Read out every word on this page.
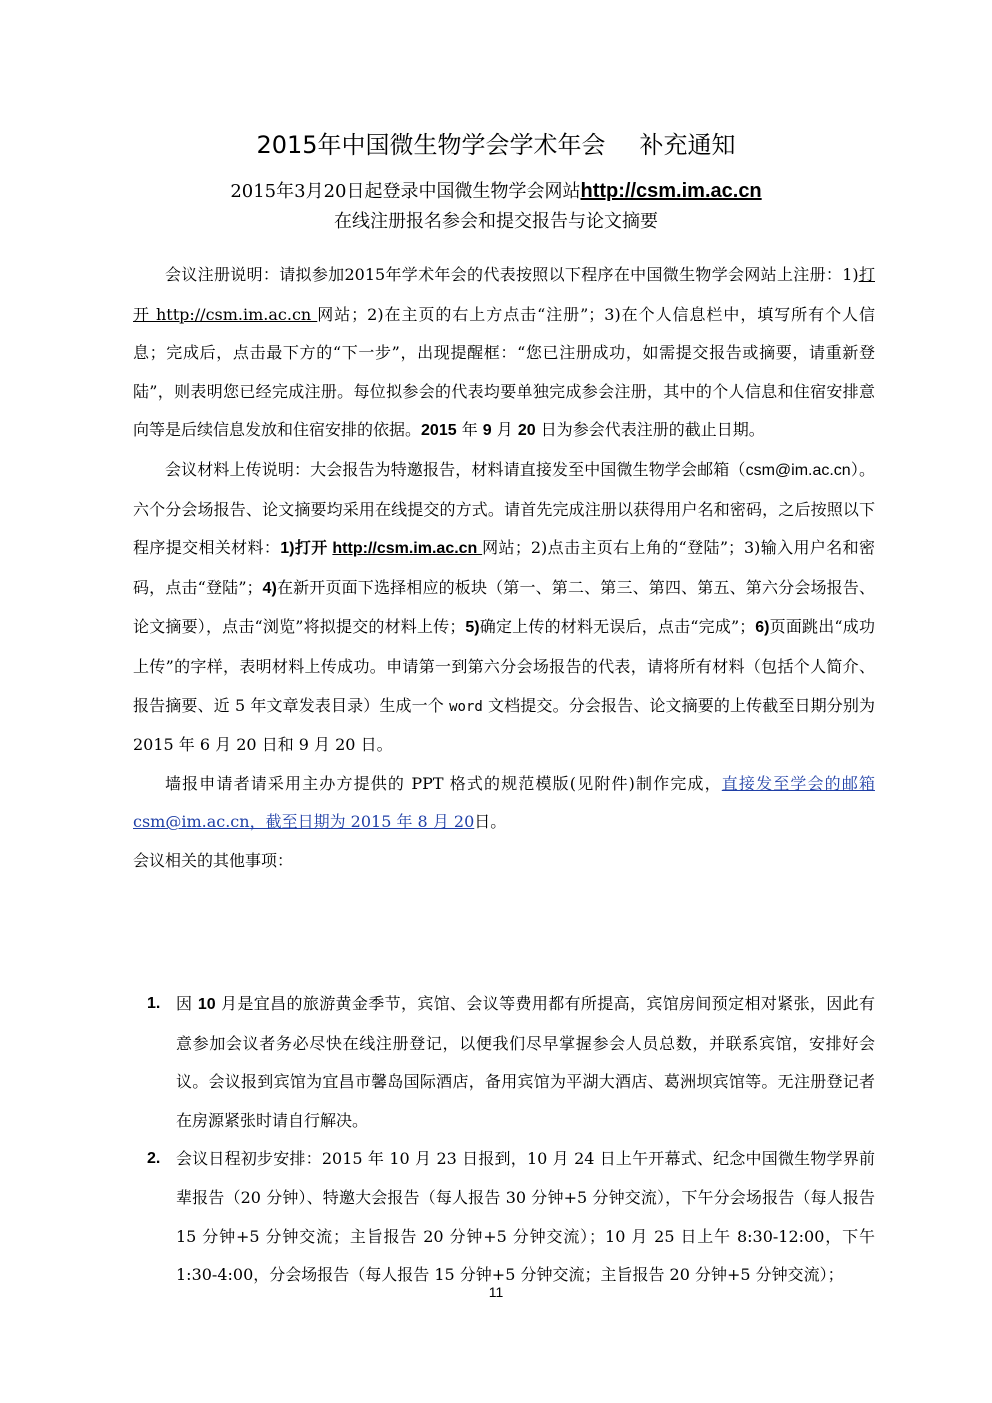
2015年中国微生物学会学术年会 补充通知
2015年3月20日起登录中国微生物学会网站http://csm.im.ac.cn
在线注册报名参会和提交报告与论文摘要

会议注册说明：请拟参加2015年学术年会的代表按照以下程序在中国微生物学会网站上注册：1)打开 http://csm.im.ac.cn 网站；2)在主页的右上方点击“注册”；3)在个人信息栏中，填写所有个人信息；完成后，点击最下方的“下一步”，出现提醒框：“您已注册成功，如需提交报告或摘要，请重新登陆”，则表明您已经完成注册。每位拟参会的代表均要单独完成参会注册，其中的个人信息和住宿安排意向等是后续信息发放和住宿安排的依据。2015 年 9 月 20 日为参会代表注册的截止日期。

会议材料上传说明：大会报告为特邀报告，材料请直接发至中国微生物学会邮箱（csm@im.ac.cn）。六个分会场报告、论文摘要均采用在线提交的方式。请首先完成注册以获得用户名和密码，之后按照以下程序提交相关材料：1)打开 http://csm.im.ac.cn 网站；2)点击主页右上角的“登陆”；3)输入用户名和密码，点击“登陆”；4)在新开页面下选择相应的板块（第一、第二、第三、第四、第五、第六分会场报告、论文摘要），点击“浏览”将拟提交的材料上传；5)确定上传的材料无误后，点击“完成”；6)页面跳出“成功上传”的字样，表明材料上传成功。申请第一到第六分会场报告的代表，请将所有材料（包括个人简介、报告摘要、近 5 年文章发表目录）生成一个 word 文档提交。分会报告、论文摘要的上传截至日期分别为 2015 年 6 月 20 日和 9 月 20 日。

墙报申请者请采用主办方提供的 PPT 格式的规范模版(见附件)制作完成，直接发至学会的邮箱 csm@im.ac.cn，截至日期为 2015 年 8 月 20日。

会议相关的其他事项：

1. 因 10 月是宜昌的旅游黄金季节，宾馆、会议等费用都有所提高，宾馆房间预定相对紧张，因此有意参加会议者务必尽快在线注册登记，以便我们尽早掌握参会人员总数，并联系宾馆，安排好会议。会议报到宾馆为宜昌市馨岛国际酒店，备用宾馆为平湖大酒店、葛洲坝宾馆等。无注册登记者在房源紧张时请自行解决。
2. 会议日程初步安排：2015 年 10 月 23 日报到，10 月 24 日上午开幕式、纪念中国微生物学界前辈报告（20 分钟）、特邀大会报告（每人报告 30 分钟+5 分钟交流），下午分会场报告（每人报告 15 分钟+5 分钟交流；主旨报告 20 分钟+5 分钟交流）；10 月 25 日上午 8:30-12:00，下午 1:30-4:00，分会场报告（每人报告 15 分钟+5 分钟交流；主旨报告 20 分钟+5 分钟交流）；
11
